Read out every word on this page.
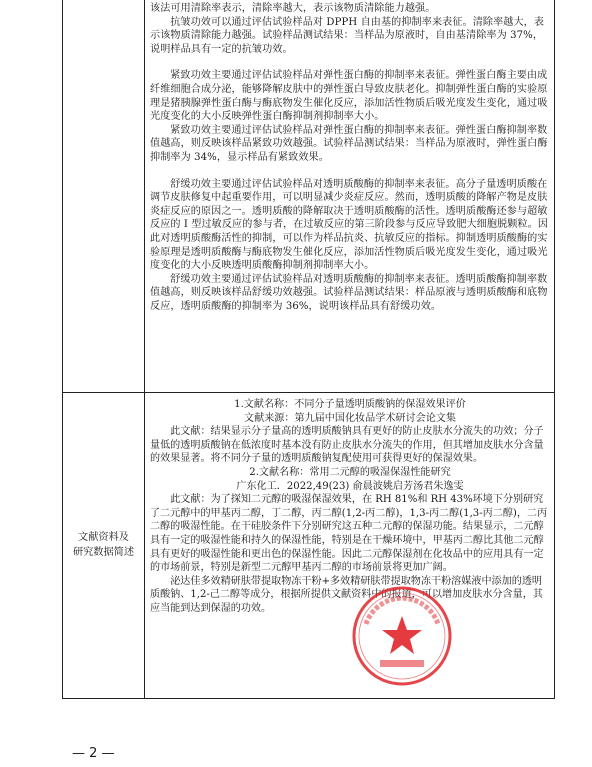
该法可用清除率表示，清除率越大，表示该物质清除能力越强。

抗皱功效可以通过评估试验样品对 DPPH 自由基的抑制率来表征。清除率越大，表示该物质清除能力越强。试验样品测试结果：当样品为原液时，自由基清除率为 37%，说明样品具有一定的抗皱功效。

紧致功效主要通过评估试验样品对弹性蛋白酶的抑制率来表征。弹性蛋白酶主要由成纤维细胞合成分泌，能够降解皮肤中的弹性蛋白导致皮肤老化。抑制弹性蛋白酶的实验原理是猪胰腺弹性蛋白酶与酶底物发生催化反应，添加活性物质后吸光度发生变化，通过吸光度变化的大小反映弹性蛋白酶抑制剂抑制率大小。

紧致功效主要通过评估试验样品对弹性蛋白酶的抑制率来表征。弹性蛋白酶抑制率数值越高，则反映该样品紧致功效越强。试验样品测试结果：当样品为原液时，弹性蛋白酶抑制率为 34%，显示样品有紧致效果。

舒缓功效主要通过评估试验样品对透明质酸酶的抑制率来表征。高分子量透明质酸在调节皮肤修复中起重要作用，可以明显减少炎症反应。然而，透明质酸的降解产物是皮肤炎症反应的原因之一。透明质酸的降解取决于透明质酸酶的活性。透明质酸酶还参与超敏反应的 I 型过敏反应的参与者，在过敏反应的第三阶段参与反应导致肥大细胞脱颗粒。因此对透明质酸酶活性的抑制，可以作为样品抗炎、抗敏反应的指标。抑制透明质酸酶的实验原理是透明质酸酶与酶底物发生催化反应，添加活性物质后吸光度发生变化，通过吸光度变化的大小反映透明质酸酶抑制剂抑制率大小。

舒缓功效主要通过评估试验样品对透明质酸酶的抑制率来表征。透明质酸酶抑制率数值越高，则反映该样品舒缓功效越强。试验样品测试结果：样品原液与透明质酸酶和底物反应，透明质酸酶的抑制率为 36%，说明该样品具有舒缓功效。

文献资料及
研究数据简述

1.文献名称：不同分子量透明质酸钠的保湿效果评价

文献来源：第九届中国化妆品学术研讨会论文集

此文献：结果显示分子量高的透明质酸钠具有更好的防止皮肤水分流失的功效；分子量低的透明质酸钠在低浓度时基本没有防止皮肤水分流失的作用，但其增加皮肤水分含量的效果显著。将不同分子量的透明质酸钠复配使用可获得更好的保湿效果。

2.文献名称：常用二元醇的吸湿保湿性能研究

广东化工．2022,49(23) 俞晨波姚启芳汤君朱逸雯

此文献：为了探知二元醇的吸湿保湿效果，在 RH 81%和 RH 43%环境下分别研究了二元醇中的甲基丙二醇，丁二醇，丙二醇(1,2-丙二醇)，1,3-丙二醇(1,3-丙二醇)，二丙二醇的吸湿性能。在干硅胶条件下分别研究这五种二元醇的保湿功能。结果显示，二元醇具有一定的吸湿性能和持久的保湿性能，特别是在干燥环境中，甲基丙二醇比其他二元醇具有更好的吸湿性能和更出色的保湿性能。因此二元醇保湿剂在化妆品中的应用具有一定的市场前景，特别是新型二元醇甲基丙二醇的市场前景将更加广阔。

泌达佳多效精研肤带提取物冻干粉+多效精研肤带提取物冻干粉溶媒液中添加的透明质酸钠、1,2-己二醇等成分，根据所提供文献资料中的报道，可以增加皮肤水分含量，其应当能到达到保湿的功效。

— 2 —
